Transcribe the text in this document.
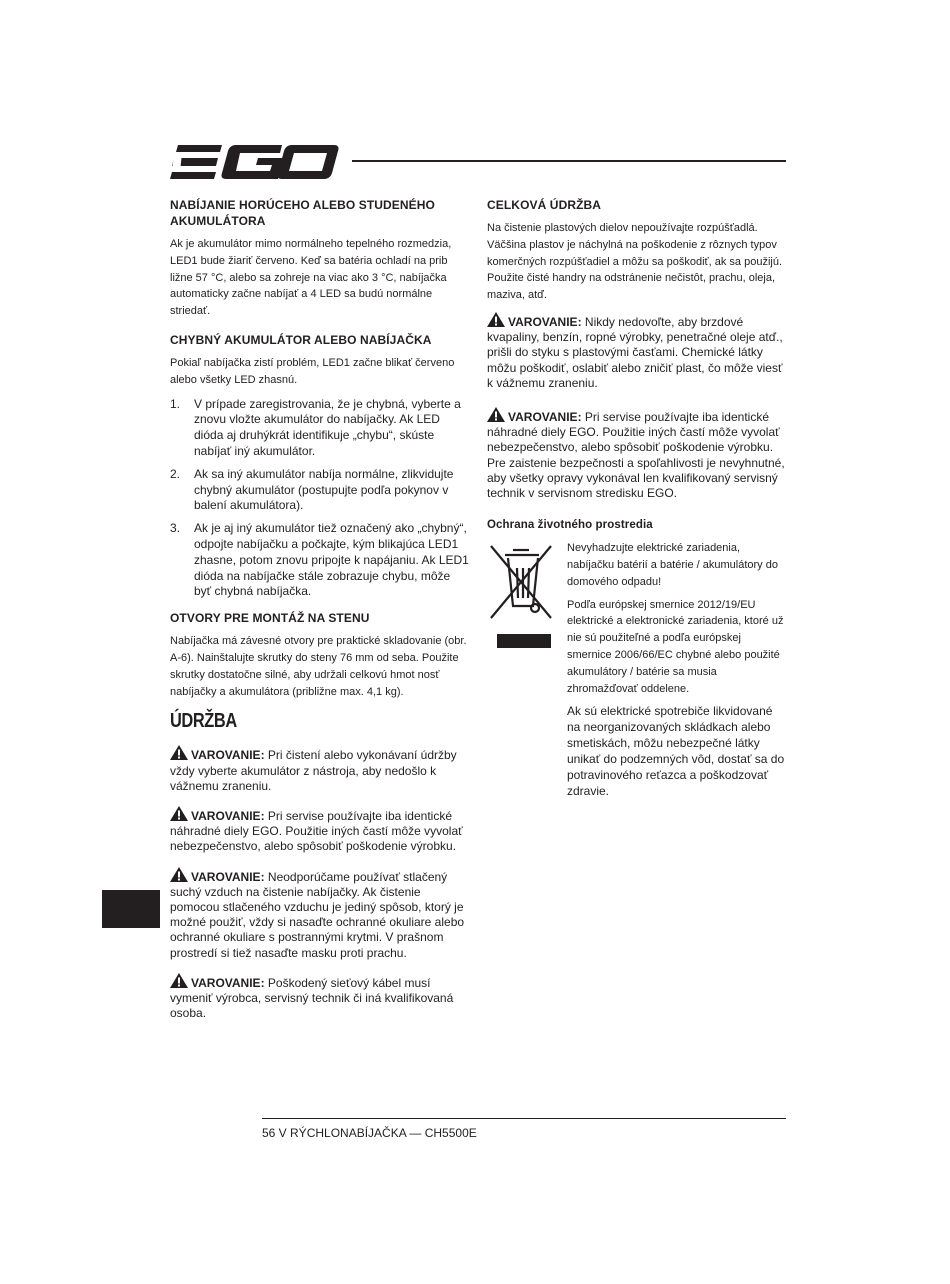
NABÍJANIE HORÚCEHO ALEBO STUDENÉHO AKUMULÁTORA

Ak je akumulátor mimo normálneho tepelného rozmedzia, LED1 bude žiariť červeno. Keď sa batéria ochladí na prib ližne 57 °C, alebo sa zohreje na viac ako 3 °C, nabíjačka automaticky začne nabíjať a 4 LED sa budú normálne striedať.

CHYBNÝ AKUMULÁTOR ALEBO NABÍJAČKA

Pokiaľ nabíjačka zistí problém, LED1 začne blikať červeno alebo všetky LED zhasnú.

1. V prípade zaregistrovania, že je chybná, vyberte a znovu vložte akumulátor do nabíjačky. Ak LED dióda aj druhýkrát identifikuje „chybu“, skúste nabíjať iný akumulátor.
2. Ak sa iný akumulátor nabíja normálne, zlikvidujte chybný akumulátor (postupujte podľa pokynov v balení akumulátora).
3. Ak je aj iný akumulátor tiež označený ako „chybný“, odpojte nabíjačku a počkajte, kým blikajúca LED1 zhasne, potom znovu pripojte k napájaniu. Ak LED1 dióda na nabíjačke stále zobrazuje chybu, môže byť chybná nabíjačka.
OTVORY PRE MONTÁŽ NA STENU

Nabíjačka má závesné otvory pre praktické skladovanie (obr. A-6). Nainštalujte skrutky do steny 76 mm od seba. Použite skrutky dostatočne silné, aby udržali celkovú hmot nosť nabíjačky a akumulátora (približne max. 4,1 kg).

ÚDRŽBA

VAROVANIE: Pri čistení alebo vykonávaní údržby vždy vyberte akumulátor z nástroja, aby nedošlo k vážnemu zraneniu.

VAROVANIE: Pri servise používajte iba identické náhradné diely EGO. Použitie iných častí môže vyvolať nebezpečenstvo, alebo spôsobiť poškodenie výrobku.

VAROVANIE: Neodporúčame používať stlačený suchý vzduch na čistenie nabíjačky. Ak čistenie pomocou stlačeného vzduchu je jediný spôsob, ktorý je možné použiť, vždy si nasaďte ochranné okuliare alebo ochranné okuliare s postrannými krytmi. V prašnom prostredí si tiež nasaďte masku proti prachu.

VAROVANIE: Poškodený sieťový kábel musí vymeniť výrobca, servisný technik či iná kvalifikovaná osoba.

CELKOVÁ ÚDRŽBA

Na čistenie plastových dielov nepoužívajte rozpúšťadlá. Väčšina plastov je náchylná na poškodenie z rôznych typov komerčných rozpúšťadiel a môžu sa poškodiť, ak sa použijú. Použite čisté handry na odstránenie nečistôt, prachu, oleja, maziva, atď.

VAROVANIE: Nikdy nedovoľte, aby brzdové kvapaliny, benzín, ropné výrobky, penetračné oleje atď., prišli do styku s plastovými časťami. Chemické látky môžu poškodiť, oslabiť alebo zničiť plast, čo môže viesť k vážnemu zraneniu.

VAROVANIE: Pri servise používajte iba identické náhradné diely EGO. Použitie iných častí môže vyvolať nebezpečenstvo, alebo spôsobiť poškodenie výrobku. Pre zaistenie bezpečnosti a spoľahlivosti je nevyhnutné, aby všetky opravy vykonával len kvalifikovaný servisný technik v servisnom stredisku EGO.

Ochrana životného prostredia

Nevyhadzujte elektrické zariadenia, nabíjačku batérií a batérie / akumulátory do domového odpadu!

Podľa európskej smernice 2012/19/EU elektrické a elektronické zariadenia, ktoré už nie sú použiteľné a podľa európskej smernice 2006/66/EC chybné alebo použité akumulátory / batérie sa musia zhromažďovať oddelene.

Ak sú elektrické spotrebiče likvidované na neorganizovaných skládkach alebo smetiskách, môžu nebezpečné látky unikať do podzemných vôd, dostať sa do potravinového reťazca a poškodzovať zdravie.

56 V RÝCHLONABÍJAČKA — CH5500E
